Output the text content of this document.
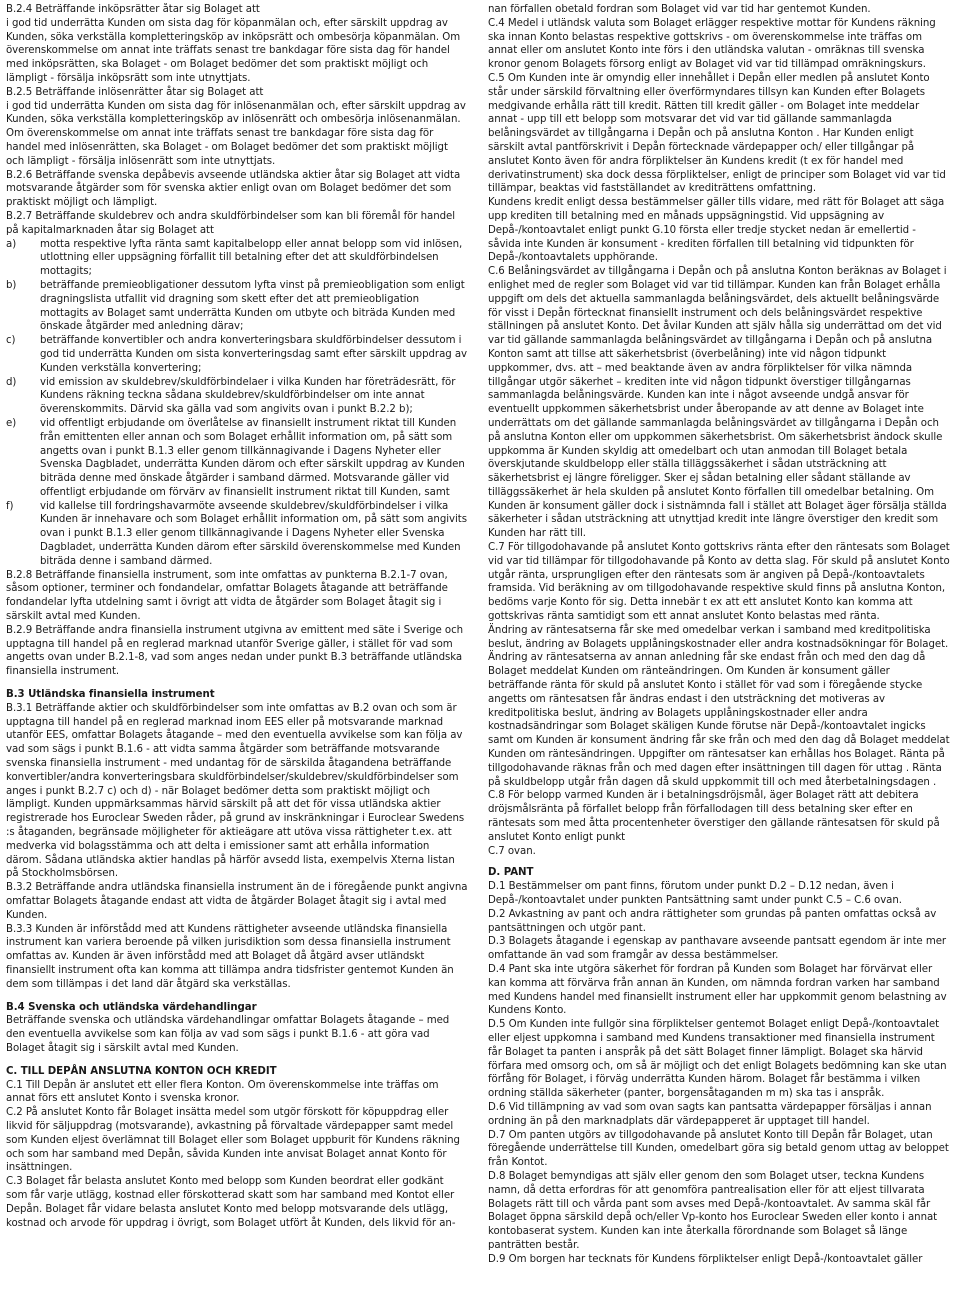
B.2.4 Beträffande inköpsrätter åtar sig Bolaget att
i god tid underrätta Kunden om sista dag för köpanmälan och, efter särskilt uppdrag av Kunden, söka verkställa kompletteringsköp av inköpsrätt och ombesörja köpanmälan. Om överenskommelse om annat inte träffats senast tre bankdagar före sista dag för handel med inköpsrätten, ska Bolaget - om Bolaget bedömer det som praktiskt möjligt och lämpligt - försälja inköpsrätt som inte utnyttjats.

B.2.5 Beträffande inlösenrätter åtar sig Bolaget att
i god tid underrätta Kunden om sista dag för inlösenanmälan och, efter särskilt uppdrag av Kunden, söka verkställa kompletteringsköp av inlösenrätt och ombesörja inlösenanmälan. Om överenskommelse om annat inte träffats senast tre bankdagar före sista dag för handel med inlösenrätten, ska Bolaget - om Bolaget bedömer det som praktiskt möjligt och lämpligt - försälja inlösenrätt som inte utnyttjats.

B.2.6 Beträffande svenska depåbevis avseende utländska aktier åtar sig Bolaget att vidta motsvarande åtgärder som för svenska aktier enligt ovan om Bolaget bedömer det som praktiskt möjligt och lämpligt.

B.2.7 Beträffande skuldebrev och andra skuldförbindelser som kan bli föremål för handel på kapitalmarknaden åtar sig Bolaget att

a)	motta respektive lyfta ränta samt kapitalbelopp eller annat belopp som vid inlösen, utlottning eller uppsägning förfallit till betalning efter det att skuldförbindelsen mottagits;
b)	beträffande premieobligationer dessutom lyfta vinst på premieobligation som enligt dragningslista utfallit vid dragning som skett efter det att premieobligation mottagits av Bolaget samt underrätta Kunden om utbyte och biträda Kunden med önskade åtgärder med anledning därav;
c)	beträffande konvertibler och andra konverteringsbara skuldförbindelser dessutom i god tid underrätta Kunden om sista konverteringsdag samt efter särskilt uppdrag av Kunden verkställa konvertering;
d)	vid emission av skuldebrev/skuldförbindelaer i vilka Kunden har företrädesrätt, för Kundens räkning teckna sådana skuldebrev/skuldförbindelser om inte annat överenskommits. Därvid ska gälla vad som angivits ovan i punkt B.2.2 b);
e)	vid offentligt erbjudande om överlåtelse av finansiellt instrument riktat till Kunden från emittenten eller annan och som Bolaget erhållit information om, på sätt som angetts ovan i punkt B.1.3 eller genom tillkännagivande i Dagens Nyheter eller Svenska Dagbladet, underrätta Kunden därom och efter särskilt uppdrag av Kunden biträda denne med önskade åtgärder i samband därmed. Motsvarande gäller vid offentligt erbjudande om förvärv av finansiellt instrument riktat till Kunden, samt
f)	vid kallelse till fordringshavarmöte avseende skuldebrev/skuldförbindelser i vilka Kunden är innehavare och som Bolaget erhållit information om, på sätt som angivits ovan i punkt B.1.3 eller genom tillkännagivande i Dagens Nyheter eller Svenska Dagbladet, underrätta Kunden därom efter särskild överenskommelse med Kunden biträda denne i samband därmed.

B.2.8 Beträffande finansiella instrument, som inte omfattas av punkterna B.2.1-7 ovan, såsom optioner, terminer och fondandelar, omfattar Bolagets åtagande att beträffande fondandelar lyfta utdelning samt i övrigt att vidta de åtgärder som Bolaget åtagit sig i särskilt avtal med Kunden.

B.2.9 Beträffande andra finansiella instrument utgivna av emittent med säte i Sverige och upptagna till handel på en reglerad marknad utanför Sverige gäller, i stället för vad som angetts ovan under B.2.1-8, vad som anges nedan under punkt B.3 beträffande utländska finansiella instrument.

B.3 Utländska finansiella instrument

B.3.1 Beträffande aktier och skuldförbindelser som inte omfattas av B.2 ovan och som är upptagna till handel på en reglerad marknad inom EES eller på motsvarande marknad utanför EES, omfattar Bolagets åtagande – med den eventuella avvikelse som kan följa av vad som sägs i punkt B.1.6 - att vidta samma åtgärder som beträffande motsvarande svenska finansiella instrument - med undantag för de särskilda åtagandena beträffande konvertibler/andra konverteringsbara skuldförbindelser/skuldebrev/skuldförbindelser som anges i punkt B.2.7 c) och d) - när Bolaget bedömer detta som praktiskt möjligt och lämpligt. Kunden uppmärksammas härvid särskilt på att det för vissa utländska aktier registrerade hos Euroclear Sweden råder, på grund av inskränkningar i Euroclear Swedens :s åtaganden, begränsade möjligheter för aktieägare att utöva vissa rättigheter t.ex. att medverka vid bolagsstämma och att delta i emissioner samt att erhålla information därom. Sådana utländska aktier handlas på härför avsedd lista, exempelvis Xterna listan på Stockholmsbörsen.

B.3.2 Beträffande andra utländska finansiella instrument än de i föregående punkt angivna omfattar Bolagets åtagande endast att vidta de åtgärder Bolaget åtagit sig i avtal med Kunden.

B.3.3 Kunden är införstådd med att Kundens rättigheter avseende utländska finansiella instrument kan variera beroende på vilken jurisdiktion som dessa finansiella instrument omfattas av. Kunden är även införstådd med att Bolaget då åtgärd avser utländskt finansiellt instrument ofta kan komma att tillämpa andra tidsfrister gentemot Kunden än dem som tillämpas i det land där åtgärd ska verkställas.

B.4 Svenska och utländska värdehandlingar

Beträffande svenska och utländska värdehandlingar omfattar Bolagets åtagande – med den eventuella avvikelse som kan följa av vad som sägs i punkt B.1.6 - att göra vad Bolaget åtagit sig i särskilt avtal med Kunden.

C. TILL DEPÅN ANSLUTNA KONTON OCH KREDIT

C.1 Till Depån är anslutet ett eller flera Konton. Om överenskommelse inte träffas om annat förs ett anslutet Konto i svenska kronor.

C.2 På anslutet Konto får Bolaget insätta medel som utgör förskott för köpuppdrag eller likvid för säljuppdrag (motsvarande), avkastning på förvaltade värdepapper samt medel som Kunden eljest överlämnat till Bolaget eller som Bolaget uppburit för Kundens räkning och som har samband med Depån, såvida Kunden inte anvisat Bolaget annat Konto för insättningen.

C.3 Bolaget får belasta anslutet Konto med belopp som Kunden beordrat eller godkänt som får varje utlägg, kostnad eller förskotterad skatt som har samband med Kontot eller Depån. Bolaget får vidare belasta anslutet Konto med belopp motsvarande dels utlägg, kostnad och arvode för uppdrag i övrigt, som Bolaget utfört åt Kunden, dels likvid för an-

nan förfallen obetald fordran som Bolaget vid var tid har gentemot Kunden.

C.4 Medel i utländsk valuta som Bolaget erlägger respektive mottar för Kundens räkning ska innan Konto belastas respektive gottskrivs - om överenskommelse inte träffas om annat eller om anslutet Konto inte förs i den utländska valutan - omräknas till svenska kronor genom Bolagets försorg enligt av Bolaget vid var tid tillämpad omräkningskurs.

C.5 Om Kunden inte är omyndig eller innehållet i Depån eller medlen på anslutet Konto står under särskild förvaltning eller överförmyndares tillsyn kan Kunden efter Bolagets medgivande erhålla rätt till kredit. Rätten till kredit gäller - om Bolaget inte meddelar annat - upp till ett belopp som motsvarar det vid var tid gällande sammanlagda belåningsvärdet av tillgångarna i Depån och på anslutna Konton . Har Kunden enligt särskilt avtal pantförskrivit i Depån förtecknade värdepapper och/ eller tillgångar på anslutet Konto även för andra förpliktelser än Kundens kredit (t ex för handel med derivatinstrument) ska dock dessa förpliktelser, enligt de principer som Bolaget vid var tid tillämpar, beaktas vid fastställandet av krediträttens omfattning.

Kundens kredit enligt dessa bestämmelser gäller tills vidare, med rätt för Bolaget att säga upp krediten till betalning med en månads uppsägningstid. Vid uppsägning av Depå-/kontoavtalet enligt punkt G.10 första eller tredje stycket nedan är emellertid - såvida inte Kunden är konsument - krediten förfallen till betalning vid tidpunkten för Depå-/kontoavtalets upphörande.

C.6 Belåningsvärdet av tillgångarna i Depån och på anslutna Konton beräknas av Bolaget i enlighet med de regler som Bolaget vid var tid tillämpar. Kunden kan från Bolaget erhålla uppgift om dels det aktuella sammanlagda belåningsvärdet, dels aktuellt belåningsvärde för visst i Depån förtecknat finansiellt instrument och dels belåningsvärdet respektive ställningen på anslutet Konto. Det åvilar Kunden att själv hålla sig underrättad om det vid var tid gällande sammanlagda belåningsvärdet av tillgångarna i Depån och på anslutna Konton samt att tillse att säkerhetsbrist (överbelåning) inte vid någon tidpunkt uppkommer, dvs. att – med beaktande även av andra förpliktelser för vilka nämnda tillgångar utgör säkerhet – krediten inte vid någon tidpunkt överstiger tillgångarnas sammanlagda belåningsvärde. Kunden kan inte i något avseende undgå ansvar för eventuellt uppkommen säkerhetsbrist under åberopande av att denne av Bolaget inte underrättats om det gällande sammanlagda belåningsvärdet av tillgångarna i Depån och på anslutna Konton eller om uppkommen säkerhetsbrist. Om säkerhetsbrist ändock skulle uppkomma är Kunden skyldig att omedelbart och utan anmodan till Bolaget betala överskjutande skuldbelopp eller ställa tilläggssäkerhet i sådan utsträckning att säkerhetsbrist ej längre föreligger. Sker ej sådan betalning eller sådant ställande av tilläggssäkerhet är hela skulden på anslutet Konto förfallen till omedelbar betalning. Om Kunden är konsument gäller dock i sistnämnda fall i stället att Bolaget äger försälja ställda säkerheter i sådan utsträckning att utnyttjad kredit inte längre överstiger den kredit som Kunden har rätt till.

C.7 För tillgodohavande på anslutet Konto gottskrivs ränta efter den räntesats som Bolaget vid var tid tillämpar för tillgodohavande på Konto av detta slag. För skuld på anslutet Konto utgår ränta, ursprungligen efter den räntesats som är angiven på Depå-/kontoavtalets framsida. Vid beräkning av om tillgodohavande respektive skuld finns på anslutna Konton, bedöms varje Konto för sig. Detta innebär t ex att ett anslutet Konto kan komma att gottskrivas ränta samtidigt som ett annat anslutet Konto belastas med ränta.

Ändring av räntesatserna får ske med omedelbar verkan i samband med kreditpolitiska beslut, ändring av Bolagets upplåningskostnader eller andra kostnadsökningar för Bolaget. Ändring av räntesatserna av annan anledning får ske endast från och med den dag då Bolaget meddelat Kunden om ränteändringen. Om Kunden är konsument gäller beträffande ränta för skuld på anslutet Konto i stället för vad som i föregående stycke angetts om räntesatsen får ändras endast i den utsträckning det motiveras av kreditpolitiska beslut, ändring av Bolagets upplåningskostnader eller andra kostnadsändringar som Bolaget skäligen Kunde förutse när Depå-/kontoavtalet ingicks samt om Kunden är konsument ändring får ske från och med den dag då Bolaget meddelat Kunden om räntesändringen. Uppgifter om räntesatser kan erhållas hos Bolaget. Ränta på tillgodohavande räknas från och med dagen efter insättningen till dagen för uttag . Ränta på skuldbelopp utgår från dagen då skuld uppkommit till och med återbetalningsdagen .

C.8 För belopp varmed Kunden är i betalningsdröjsmål, äger Bolaget rätt att debitera dröjsmålsränta på förfallet belopp från förfallodagen till dess betalning sker efter en räntesats som med åtta procentenheter överstiger den gällande räntesatsen för skuld på anslutet Konto enligt punkt

C.7 ovan.

D. PANT

D.1 Bestämmelser om pant finns, förutom under punkt D.2 – D.12 nedan, även i Depå-/kontoavtalet under punkten Pantsättning samt under punkt C.5 – C.6 ovan.

D.2 Avkastning av pant och andra rättigheter som grundas på panten omfattas också av pantsättningen och utgör pant.

D.3 Bolagets åtagande i egenskap av panthavare avseende pantsatt egendom är inte mer omfattande än vad som framgår av dessa bestämmelser.

D.4 Pant ska inte utgöra säkerhet för fordran på Kunden som Bolaget har förvärvat eller kan komma att förvärva från annan än Kunden, om nämnda fordran varken har samband med Kundens handel med finansiellt instrument eller har uppkommit genom belastning av Kundens Konto.

D.5 Om Kunden inte fullgör sina förpliktelser gentemot Bolaget enligt Depå-/kontoavtalet eller eljest uppkomna i samband med Kundens transaktioner med finansiella instrument får Bolaget ta panten i anspråk på det sätt Bolaget finner lämpligt. Bolaget ska härvid förfara med omsorg och, om så är möjligt och det enligt Bolagets bedömning kan ske utan förfång för Bolaget, i förväg underrätta Kunden härom. Bolaget får bestämma i vilken ordning ställda säkerheter (panter, borgensåtaganden m m) ska tas i anspråk.

D.6 Vid tillämpning av vad som ovan sagts kan pantsatta värdepapper försäljas i annan ordning än på den marknadplats där värdepapperet är upptaget till handel.

D.7 Om panten utgörs av tillgodohavande på anslutet Konto till Depån får Bolaget, utan föregående underrättelse till Kunden, omedelbart göra sig betald genom uttag av beloppet från Kontot.

D.8 Bolaget bemyndigas att själv eller genom den som Bolaget utser, teckna Kundens namn, då detta erfordras för att genomföra pantrealisation eller för att eljest tillvarata Bolagets rätt till och vårda pant som avses med Depå-/kontoavtalet. Av samma skäl får Bolaget öppna särskild depå och/eller Vp-konto hos Euroclear Sweden eller konto i annat kontobaserat system. Kunden kan inte återkalla förordnande som Bolaget så länge panträtten består.

D.9 Om borgen har tecknats för Kundens förpliktelser enligt Depå-/kontoavtalet gäller
